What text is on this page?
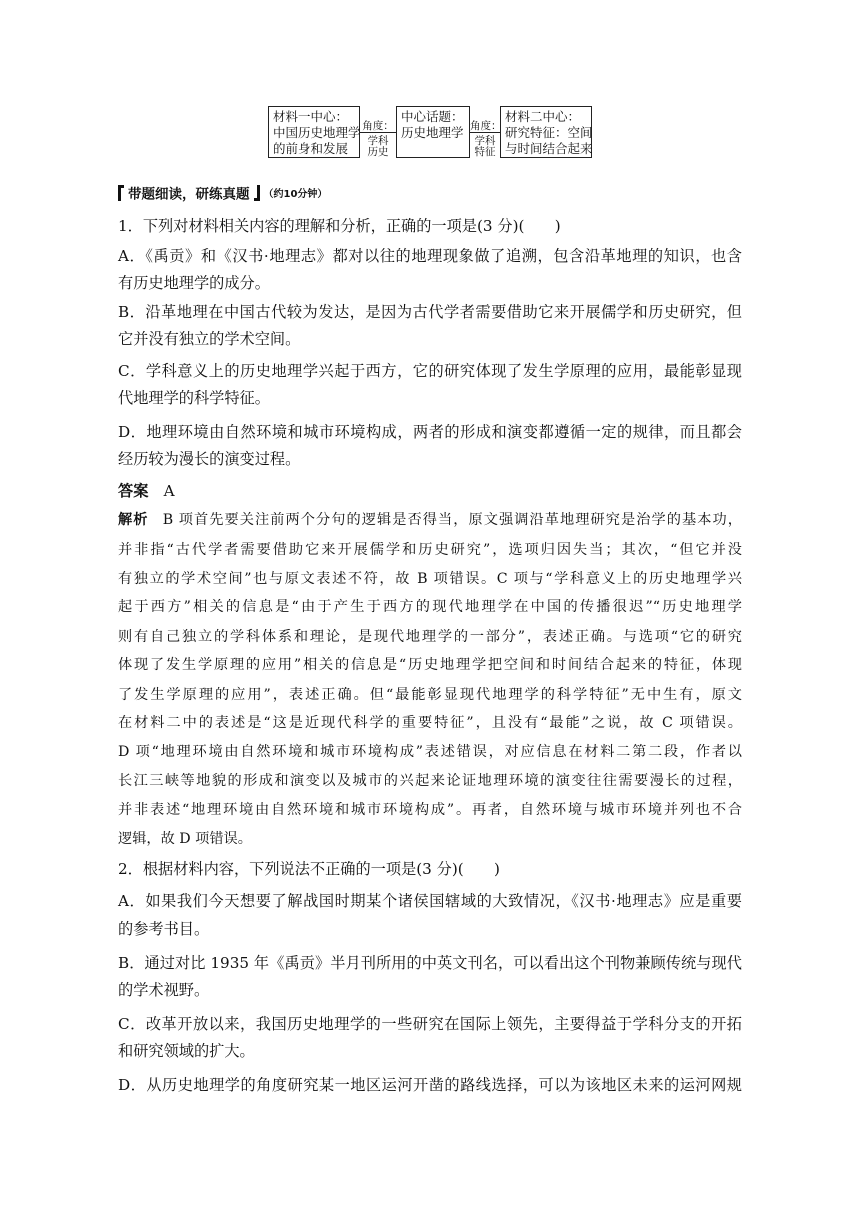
材料一中心：
中国历史地理学
的前身和发展
角度：
学科
历史
中心话题：
历史地理学 角度：
学科
特征
材料二中心：
研究特征：空间
与时间结合起来
带题细读，研练真题 （约10分钟）
1．下列对材料相关内容的理解和分析，正确的一项是(3 分)(　　)
A．《禹贡》和《汉书·地理志》都对以往的地理现象做了追溯，包含沿革地理的知识，也含
有历史地理学的成分。
B．沿革地理在中国古代较为发达，是因为古代学者需要借助它来开展儒学和历史研究，但
它并没有独立的学术空间。
C．学科意义上的历史地理学兴起于西方，它的研究体现了发生学原理的应用，最能彰显现
代地理学的科学特征。
D．地理环境由自然环境和城市环境构成，两者的形成和演变都遵循一定的规律，而且都会
经历较为漫长的演变过程。
答案  A
解析  B 项首先要关注前两个分句的逻辑是否得当，原文强调沿革地理研究是治学的基本功，
并非指“古代学者需要借助它来开展儒学和历史研究”，选项归因失当；其次，“但它并没
有独立的学术空间”也与原文表述不符，故 B 项错误。C 项与“学科意义上的历史地理学兴
起于西方”相关的信息是“由于产生于西方的现代地理学在中国的传播很迟”“历史地理学
则有自己独立的学科体系和理论，是现代地理学的一部分”，表述正确。与选项“它的研究
体现了发生学原理的应用”相关的信息是“历史地理学把空间和时间结合起来的特征，体现
了发生学原理的应用”，表述正确。但“最能彰显现代地理学的科学特征”无中生有，原文
在材料二中的表述是“这是近现代科学的重要特征”，且没有“最能”之说，故 C 项错误。
D 项“地理环境由自然环境和城市环境构成”表述错误，对应信息在材料二第二段，作者以
长江三峡等地貌的形成和演变以及城市的兴起来论证地理环境的演变往往需要漫长的过程，
并非表述“地理环境由自然环境和城市环境构成”。再者，自然环境与城市环境并列也不合
逻辑，故 D 项错误。
2．根据材料内容，下列说法不正确的一项是(3 分)(　　)
A．如果我们今天想要了解战国时期某个诸侯国辖域的大致情况，《汉书·地理志》应是重要
的参考书目。
B．通过对比 1935 年《禹贡》半月刊所用的中英文刊名，可以看出这个刊物兼顾传统与现代
的学术视野。
C．改革开放以来，我国历史地理学的一些研究在国际上领先，主要得益于学科分支的开拓
和研究领域的扩大。
D．从历史地理学的角度研究某一地区运河开凿的路线选择，可以为该地区未来的运河网规
